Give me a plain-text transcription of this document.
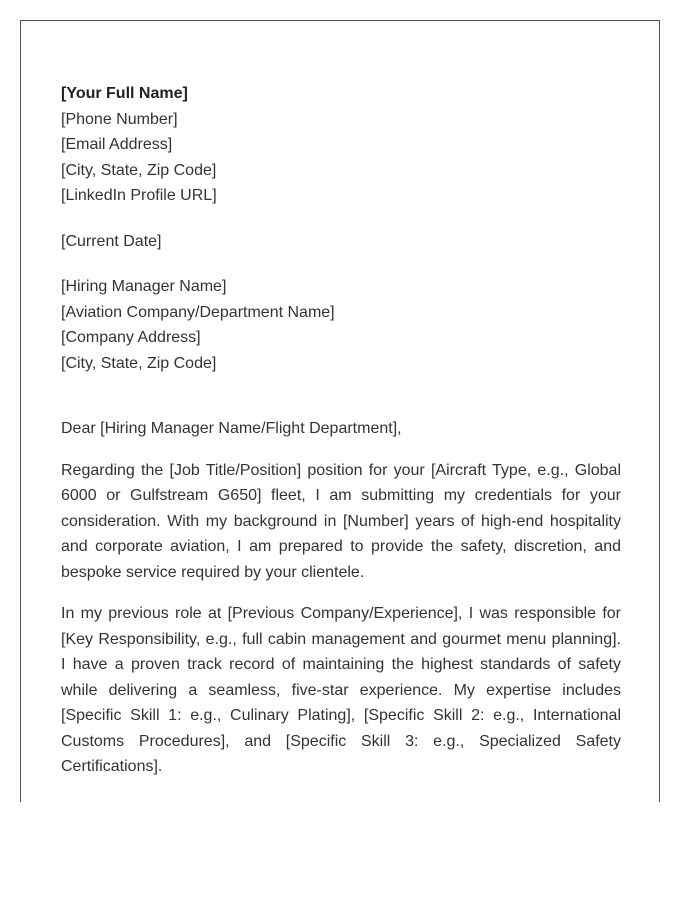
[Your Full Name]
[Phone Number]
[Email Address]
[City, State, Zip Code]
[LinkedIn Profile URL]
[Current Date]
[Hiring Manager Name]
[Aviation Company/Department Name]
[Company Address]
[City, State, Zip Code]
Dear [Hiring Manager Name/Flight Department],

Regarding the [Job Title/Position] position for your [Aircraft Type, e.g., Global 6000 or Gulfstream G650] fleet, I am submitting my credentials for your consideration. With my background in [Number] years of high-end hospitality and corporate aviation, I am prepared to provide the safety, discretion, and bespoke service required by your clientele.

In my previous role at [Previous Company/Experience], I was responsible for [Key Responsibility, e.g., full cabin management and gourmet menu planning]. I have a proven track record of maintaining the highest standards of safety while delivering a seamless, five-star experience. My expertise includes [Specific Skill 1: e.g., Culinary Plating], [Specific Skill 2: e.g., International Customs Procedures], and [Specific Skill 3: e.g., Specialized Safety Certifications].
